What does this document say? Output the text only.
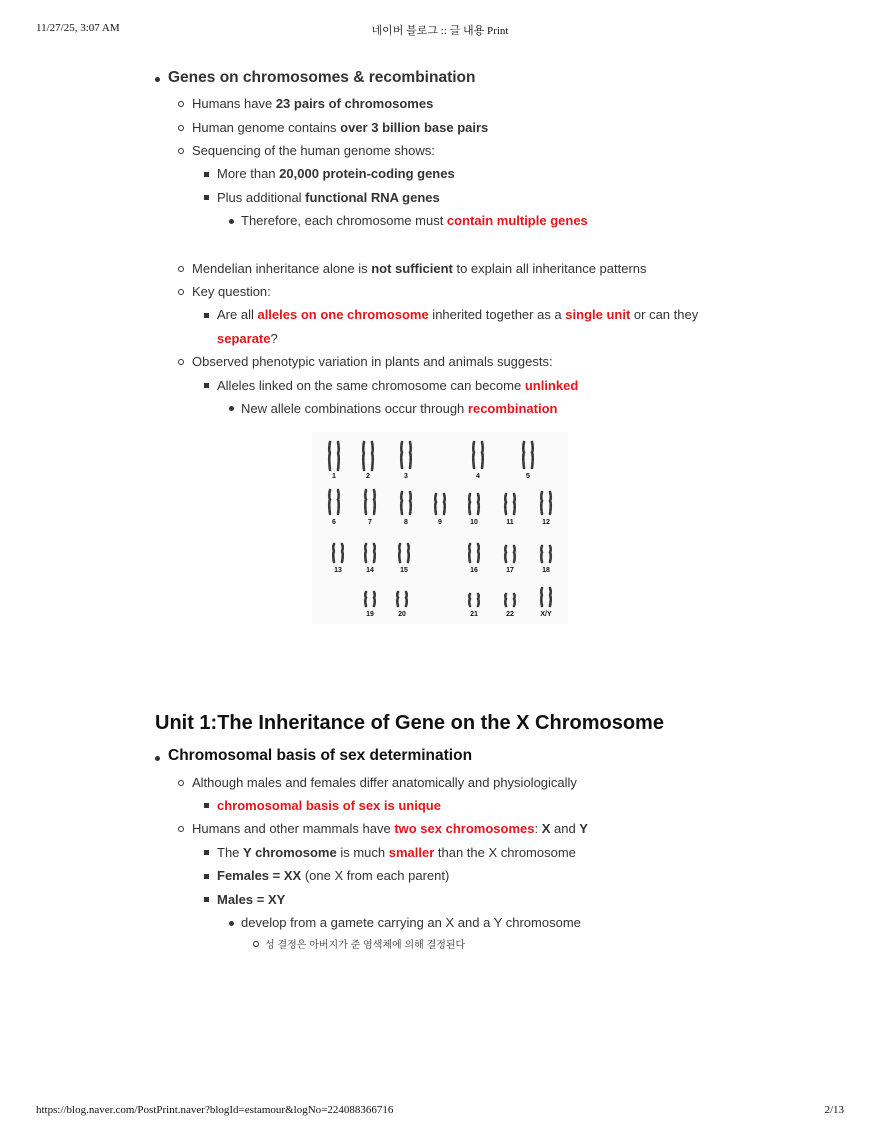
11/27/25, 3:07 AM	네이버 블로그 :: 글 내용 Print
Genes on chromosomes & recombination
Humans have 23 pairs of chromosomes
Human genome contains over 3 billion base pairs
Sequencing of the human genome shows:
More than 20,000 protein-coding genes
Plus additional functional RNA genes
Therefore, each chromosome must contain multiple genes
Mendelian inheritance alone is not sufficient to explain all inheritance patterns
Key question:
Are all alleles on one chromosome inherited together as a single unit or can they
separate?
Observed phenotypic variation in plants and animals suggests:
Alleles linked on the same chromosome can become unlinked
New allele combinations occur through recombination
1	2	3	4	5
6	7	8	9	10	11	12
13	14	15	16	17	18
19	20	21	22	X/Y
Unit 1:The Inheritance of Gene on the X Chromosome
Chromosomal basis of sex determination
Although males and females differ anatomically and physiologically
chromosomal basis of sex is unique
Humans and other mammals have two sex chromosomes: X and Y
The Y chromosome is much smaller than the X chromosome
Females = XX (one X from each parent)
Males = XY
develop from a gamete carrying an X and a Y chromosome
성 결정은 아버지가 준 염색체에 의해 결정된다
https://blog.naver.com/PostPrint.naver?blogId=estamour&logNo=224088366716	2/13
